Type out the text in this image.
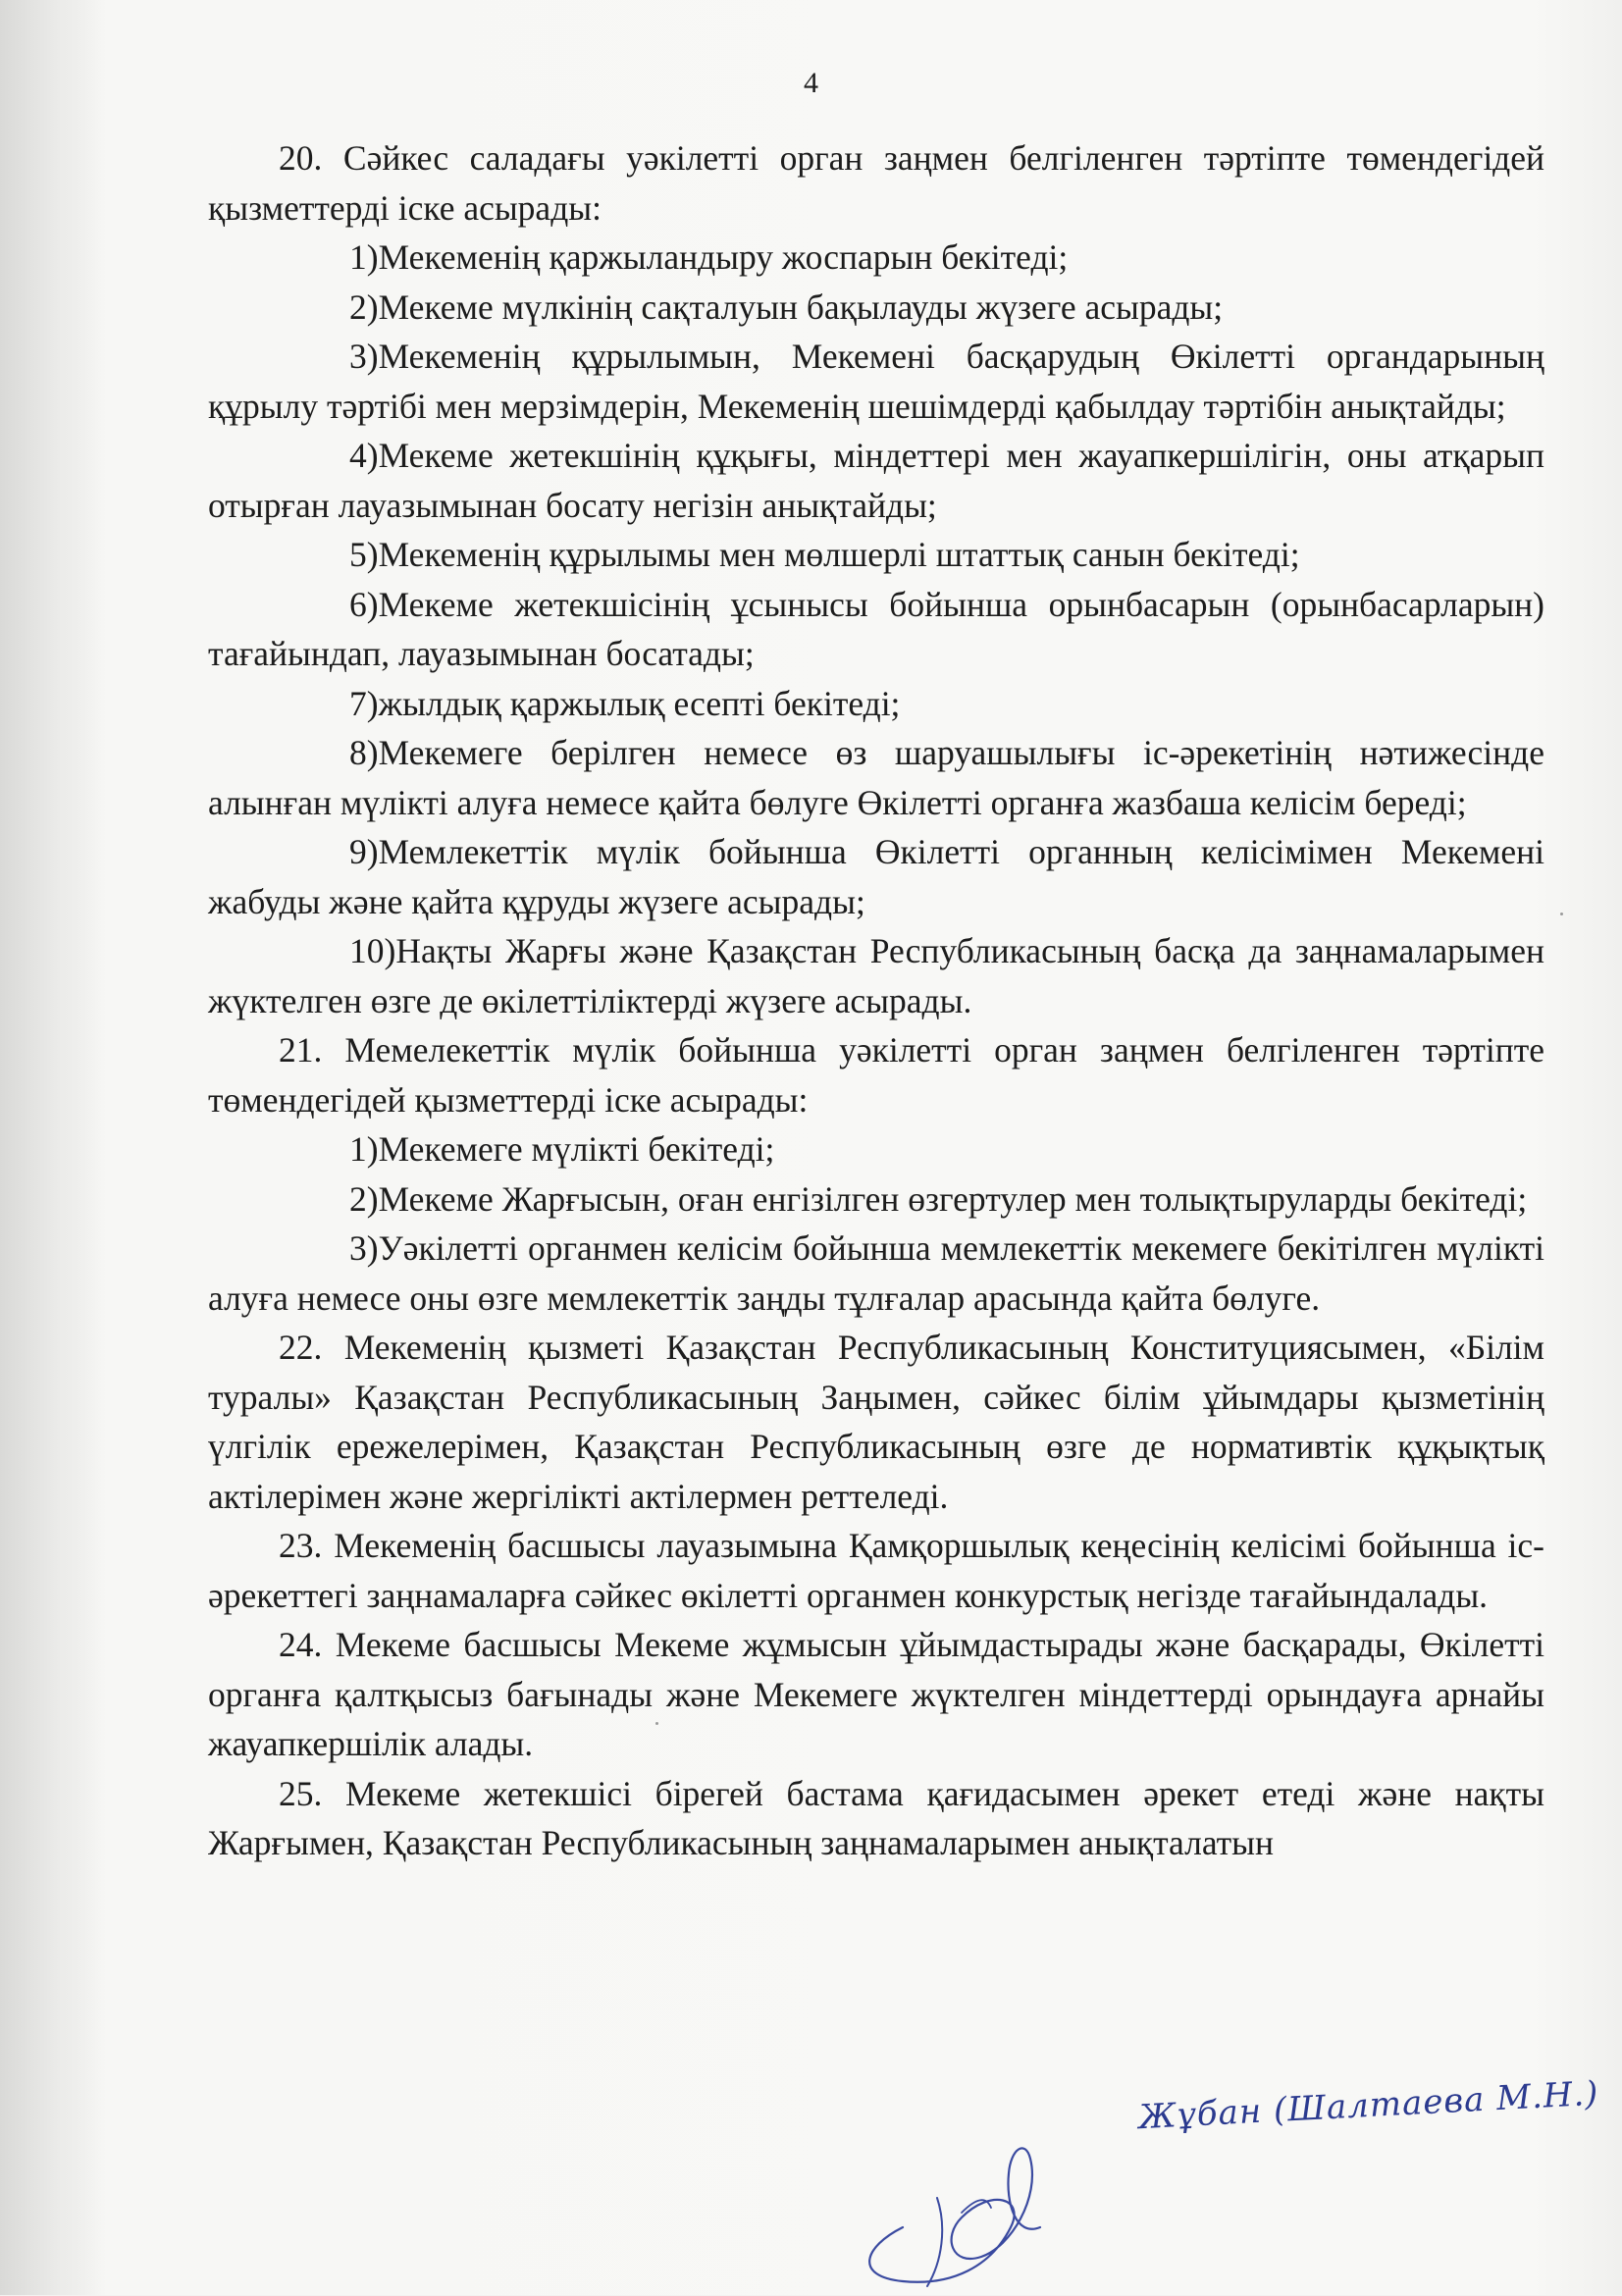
4

20. Сәйкес саладағы уәкілетті орган заңмен белгіленген тәртіпте төмендегідей қызметтерді іске асырады:

1)Мекеменің қаржыландыру жоспарын бекітеді;

2)Мекеме мүлкінің сақталуын бақылауды жүзеге асырады;

3)Мекеменің құрылымын, Мекемені басқарудың Өкілетті органдарының құрылу тәртібі мен мерзімдерін, Мекеменің шешімдерді қабылдау тәртібін анықтайды;

4)Мекеме жетекшінің құқығы, міндеттері мен жауапкершілігін, оны атқарып отырған лауазымынан босату негізін анықтайды;

5)Мекеменің құрылымы мен мөлшерлі штаттық санын бекітеді;

6)Мекеме жетекшісінің ұсынысы бойынша орынбасарын (орынбасарларын) тағайындап, лауазымынан босатады;

7)жылдық қаржылық есепті бекітеді;

8)Мекемеге берілген немесе өз шаруашылығы іс-әрекетінің нәтижесінде алынған мүлікті алуға немесе қайта бөлуге Өкілетті органға жазбаша келісім береді;

9)Мемлекеттік мүлік бойынша Өкілетті органның келісімімен Мекемені жабуды және қайта құруды жүзеге асырады;

10)Нақты Жарғы және Қазақстан Республикасының басқа да заңнамаларымен жүктелген өзге де өкілеттіліктерді жүзеге асырады.

21. Мемелекеттік мүлік бойынша уәкілетті орган заңмен белгіленген тәртіпте төмендегідей қызметтерді іске асырады:

1)Мекемеге мүлікті бекітеді;

2)Мекеме Жарғысын, оған енгізілген өзгертулер мен толықтыруларды бекітеді;

3)Уәкілетті органмен келісім бойынша мемлекеттік мекемеге бекітілген мүлікті алуға немесе оны өзге мемлекеттік заңды тұлғалар арасында қайта бөлуге.

22. Мекеменің қызметі Қазақстан Республикасының Конституциясымен, «Білім туралы» Қазақстан Республикасының Заңымен, сәйкес білім ұйымдары қызметінің үлгілік ережелерімен, Қазақстан Республикасының өзге де нормативтік құқықтық актілерімен және жергілікті актілермен реттеледі.

23. Мекеменің басшысы лауазымына Қамқоршылық кеңесінің келісімі бойынша іс-әрекеттегі заңнамаларға сәйкес өкілетті органмен конкурстық негізде тағайындалады.

24. Мекеме басшысы Мекеме жұмысын ұйымдастырады және басқарады, Өкілетті органға қалтқысыз бағынады және Мекемеге жүктелген міндеттерді орындауға арнайы жауапкершілік алады.

25. Мекеме жетекшісі бірегей бастама қағидасымен әрекет етеді және нақты Жарғымен, Қазақстан Республикасының заңнамаларымен анықталатын

Жұбан (Шалтаева М.Н.)
